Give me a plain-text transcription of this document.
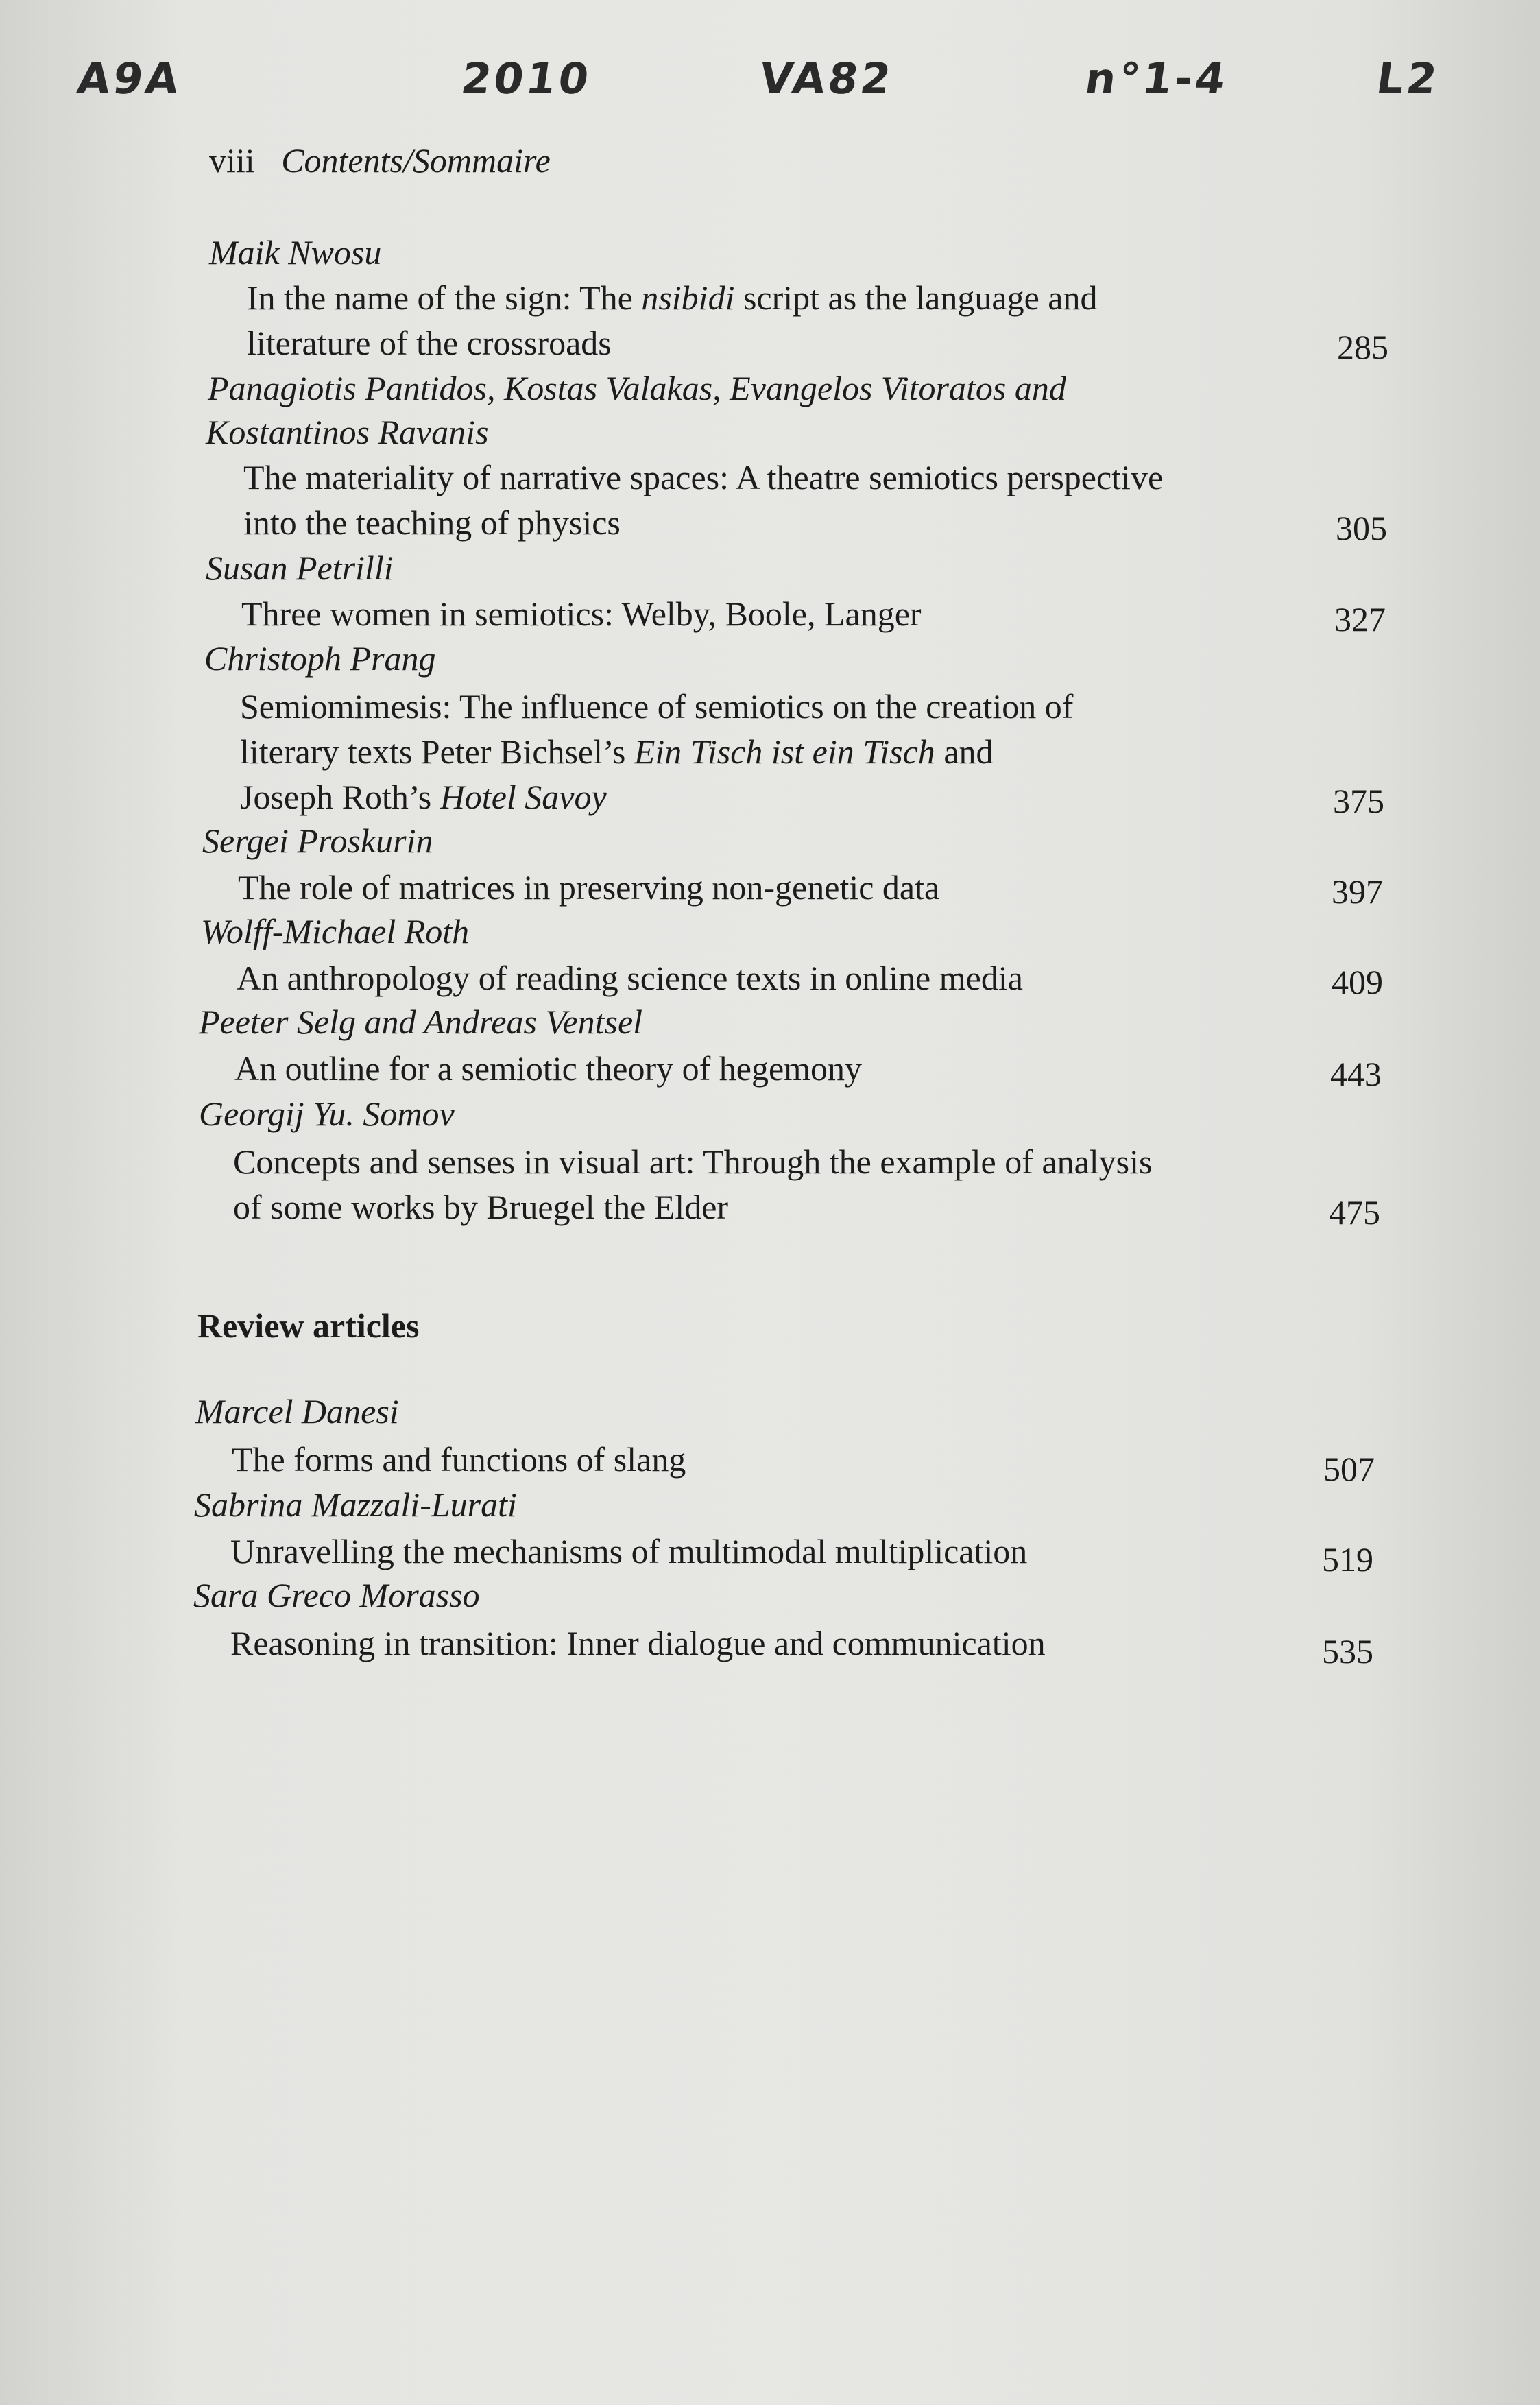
A9A	2010	VA82	n°1-4	L2
viii Contents/Sommaire
Maik Nwosu
In the name of the sign: The nsibidi script as the language and
literature of the crossroads	285
Panagiotis Pantidos, Kostas Valakas, Evangelos Vitoratos and
Kostantinos Ravanis
The materiality of narrative spaces: A theatre semiotics perspective
into the teaching of physics	305
Susan Petrilli
Three women in semiotics: Welby, Boole, Langer	327
Christoph Prang
Semiomimesis: The influence of semiotics on the creation of
literary texts Peter Bichsel’s Ein Tisch ist ein Tisch and
Joseph Roth’s Hotel Savoy	375
Sergei Proskurin
The role of matrices in preserving non-genetic data	397
Wolff-Michael Roth
An anthropology of reading science texts in online media	409
Peeter Selg and Andreas Ventsel
An outline for a semiotic theory of hegemony	443
Georgij Yu. Somov
Concepts and senses in visual art: Through the example of analysis
of some works by Bruegel the Elder	475
Review articles
Marcel Danesi
The forms and functions of slang	507
Sabrina Mazzali-Lurati
Unravelling the mechanisms of multimodal multiplication	519
Sara Greco Morasso
Reasoning in transition: Inner dialogue and communication	535
